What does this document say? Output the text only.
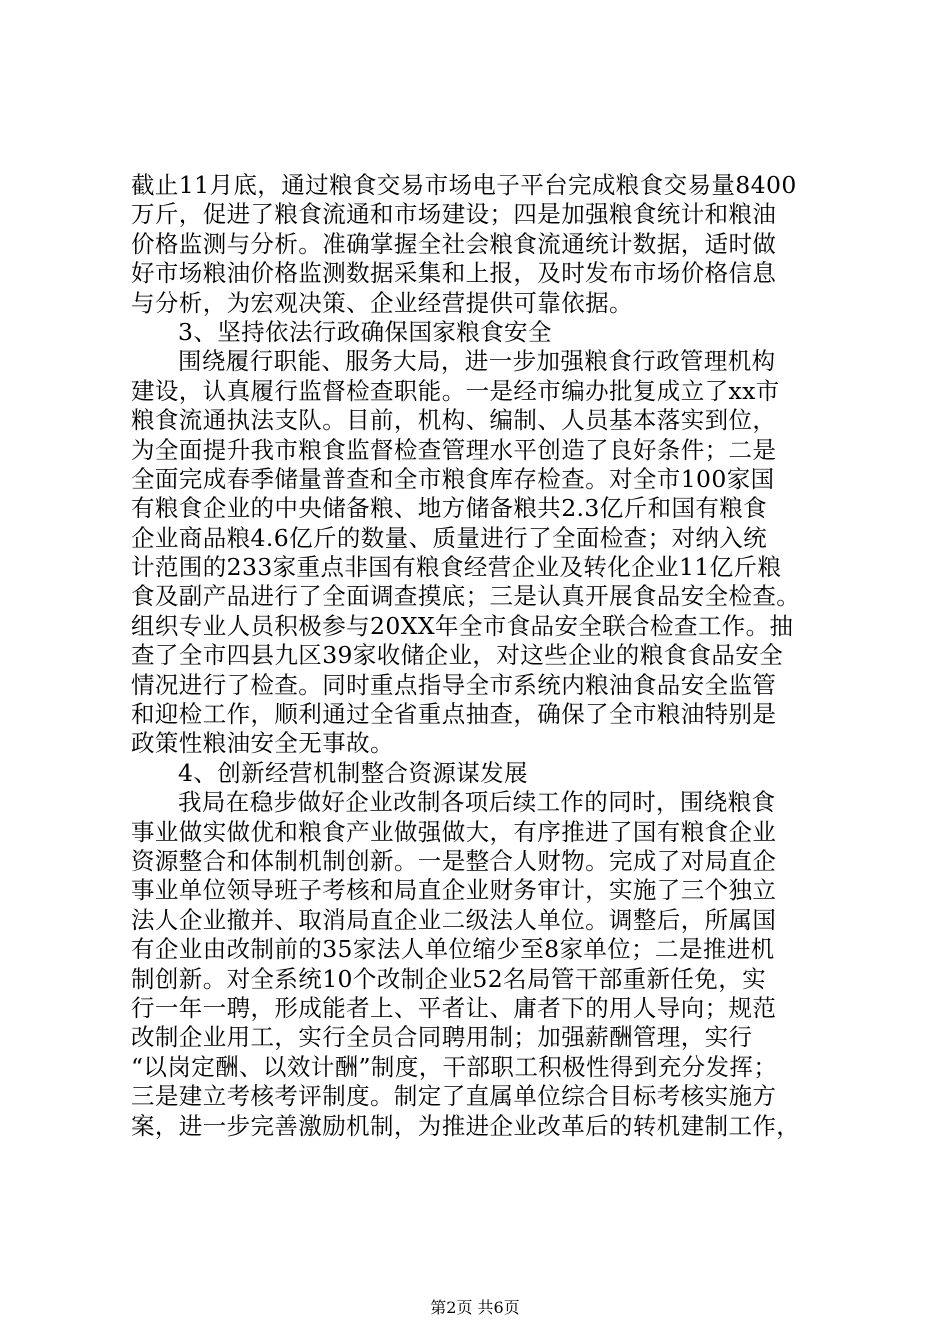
截止11月底，通过粮食交易市场电子平台完成粮食交易量8400
万斤，促进了粮食流通和市场建设；四是加强粮食统计和粮油
价格监测与分析。准确掌握全社会粮食流通统计数据，适时做
好市场粮油价格监测数据采集和上报，及时发布市场价格信息
与分析，为宏观决策、企业经营提供可靠依据。
3、坚持依法行政确保国家粮食安全
围绕履行职能、服务大局，进一步加强粮食行政管理机构
建设，认真履行监督检查职能。一是经市编办批复成立了xx市
粮食流通执法支队。目前，机构、编制、人员基本落实到位，
为全面提升我市粮食监督检查管理水平创造了良好条件；二是
全面完成春季储量普查和全市粮食库存检查。对全市100家国
有粮食企业的中央储备粮、地方储备粮共2.3亿斤和国有粮食
企业商品粮4.6亿斤的数量、质量进行了全面检查；对纳入统
计范围的233家重点非国有粮食经营企业及转化企业11亿斤粮
食及副产品进行了全面调查摸底；三是认真开展食品安全检查。
组织专业人员积极参与20XX年全市食品安全联合检查工作。抽
查了全市四县九区39家收储企业，对这些企业的粮食食品安全
情况进行了检查。同时重点指导全市系统内粮油食品安全监管
和迎检工作，顺利通过全省重点抽查，确保了全市粮油特别是
政策性粮油安全无事故。
4、创新经营机制整合资源谋发展
我局在稳步做好企业改制各项后续工作的同时，围绕粮食
事业做实做优和粮食产业做强做大，有序推进了国有粮食企业
资源整合和体制机制创新。一是整合人财物。完成了对局直企
事业单位领导班子考核和局直企业财务审计，实施了三个独立
法人企业撤并、取消局直企业二级法人单位。调整后，所属国
有企业由改制前的35家法人单位缩少至8家单位；二是推进机
制创新。对全系统10个改制企业52名局管干部重新任免，实
行一年一聘，形成能者上、平者让、庸者下的用人导向；规范
改制企业用工，实行全员合同聘用制；加强薪酬管理，实行
“以岗定酬、以效计酬”制度，干部职工积极性得到充分发挥；
三是建立考核考评制度。制定了直属单位综合目标考核实施方
案，进一步完善激励机制，为推进企业改革后的转机建制工作，
第2页 共6页
